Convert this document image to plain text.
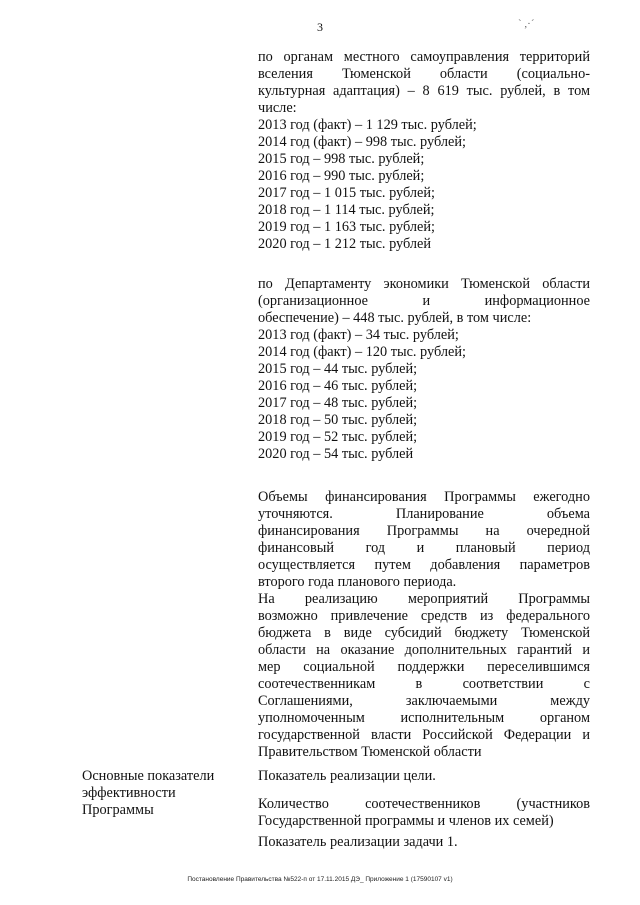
3	` ,·´
по органам местного самоуправления территорий
вселения Тюменской области (социально-
культурная адаптация) – 8 619 тыс. рублей, в том
числе:
2013 год (факт) – 1 129 тыс. рублей;
2014 год (факт) – 998 тыс. рублей;
2015 год – 998 тыс. рублей;
2016 год – 990 тыс. рублей;
2017 год – 1 015 тыс. рублей;
2018 год – 1 114 тыс. рублей;
2019 год – 1 163 тыс. рублей;
2020 год – 1 212 тыс. рублей
по Департаменту экономики Тюменской области
(организационное и информационное
обеспечение) – 448 тыс. рублей, в том числе:
2013 год (факт) – 34 тыс. рублей;
2014 год (факт) – 120 тыс. рублей;
2015 год – 44 тыс. рублей;
2016 год – 46 тыс. рублей;
2017 год – 48 тыс. рублей;
2018 год – 50 тыс. рублей;
2019 год – 52 тыс. рублей;
2020 год – 54 тыс. рублей
Объемы финансирования Программы ежегодно
уточняются. Планирование объема
финансирования Программы на очередной
финансовый год и плановый период
осуществляется путем добавления параметров
второго года планового периода.
На реализацию мероприятий Программы
возможно привлечение средств из федерального
бюджета в виде субсидий бюджету Тюменской
области на оказание дополнительных гарантий и
мер социальной поддержки переселившимся
соотечественникам в соответствии с
Соглашениями, заключаемыми между
уполномоченным исполнительным органом
государственной власти Российской Федерации и
Правительством Тюменской области
Основные показатели
эффективности
Программы
Показатель реализации цели.
Количество соотечественников (участников
Государственной программы и членов их семей)
Показатель реализации задачи 1.
Постановление Правительства №522-п от 17.11.2015 ДЭ_ Приложение 1 (17590107 v1)
